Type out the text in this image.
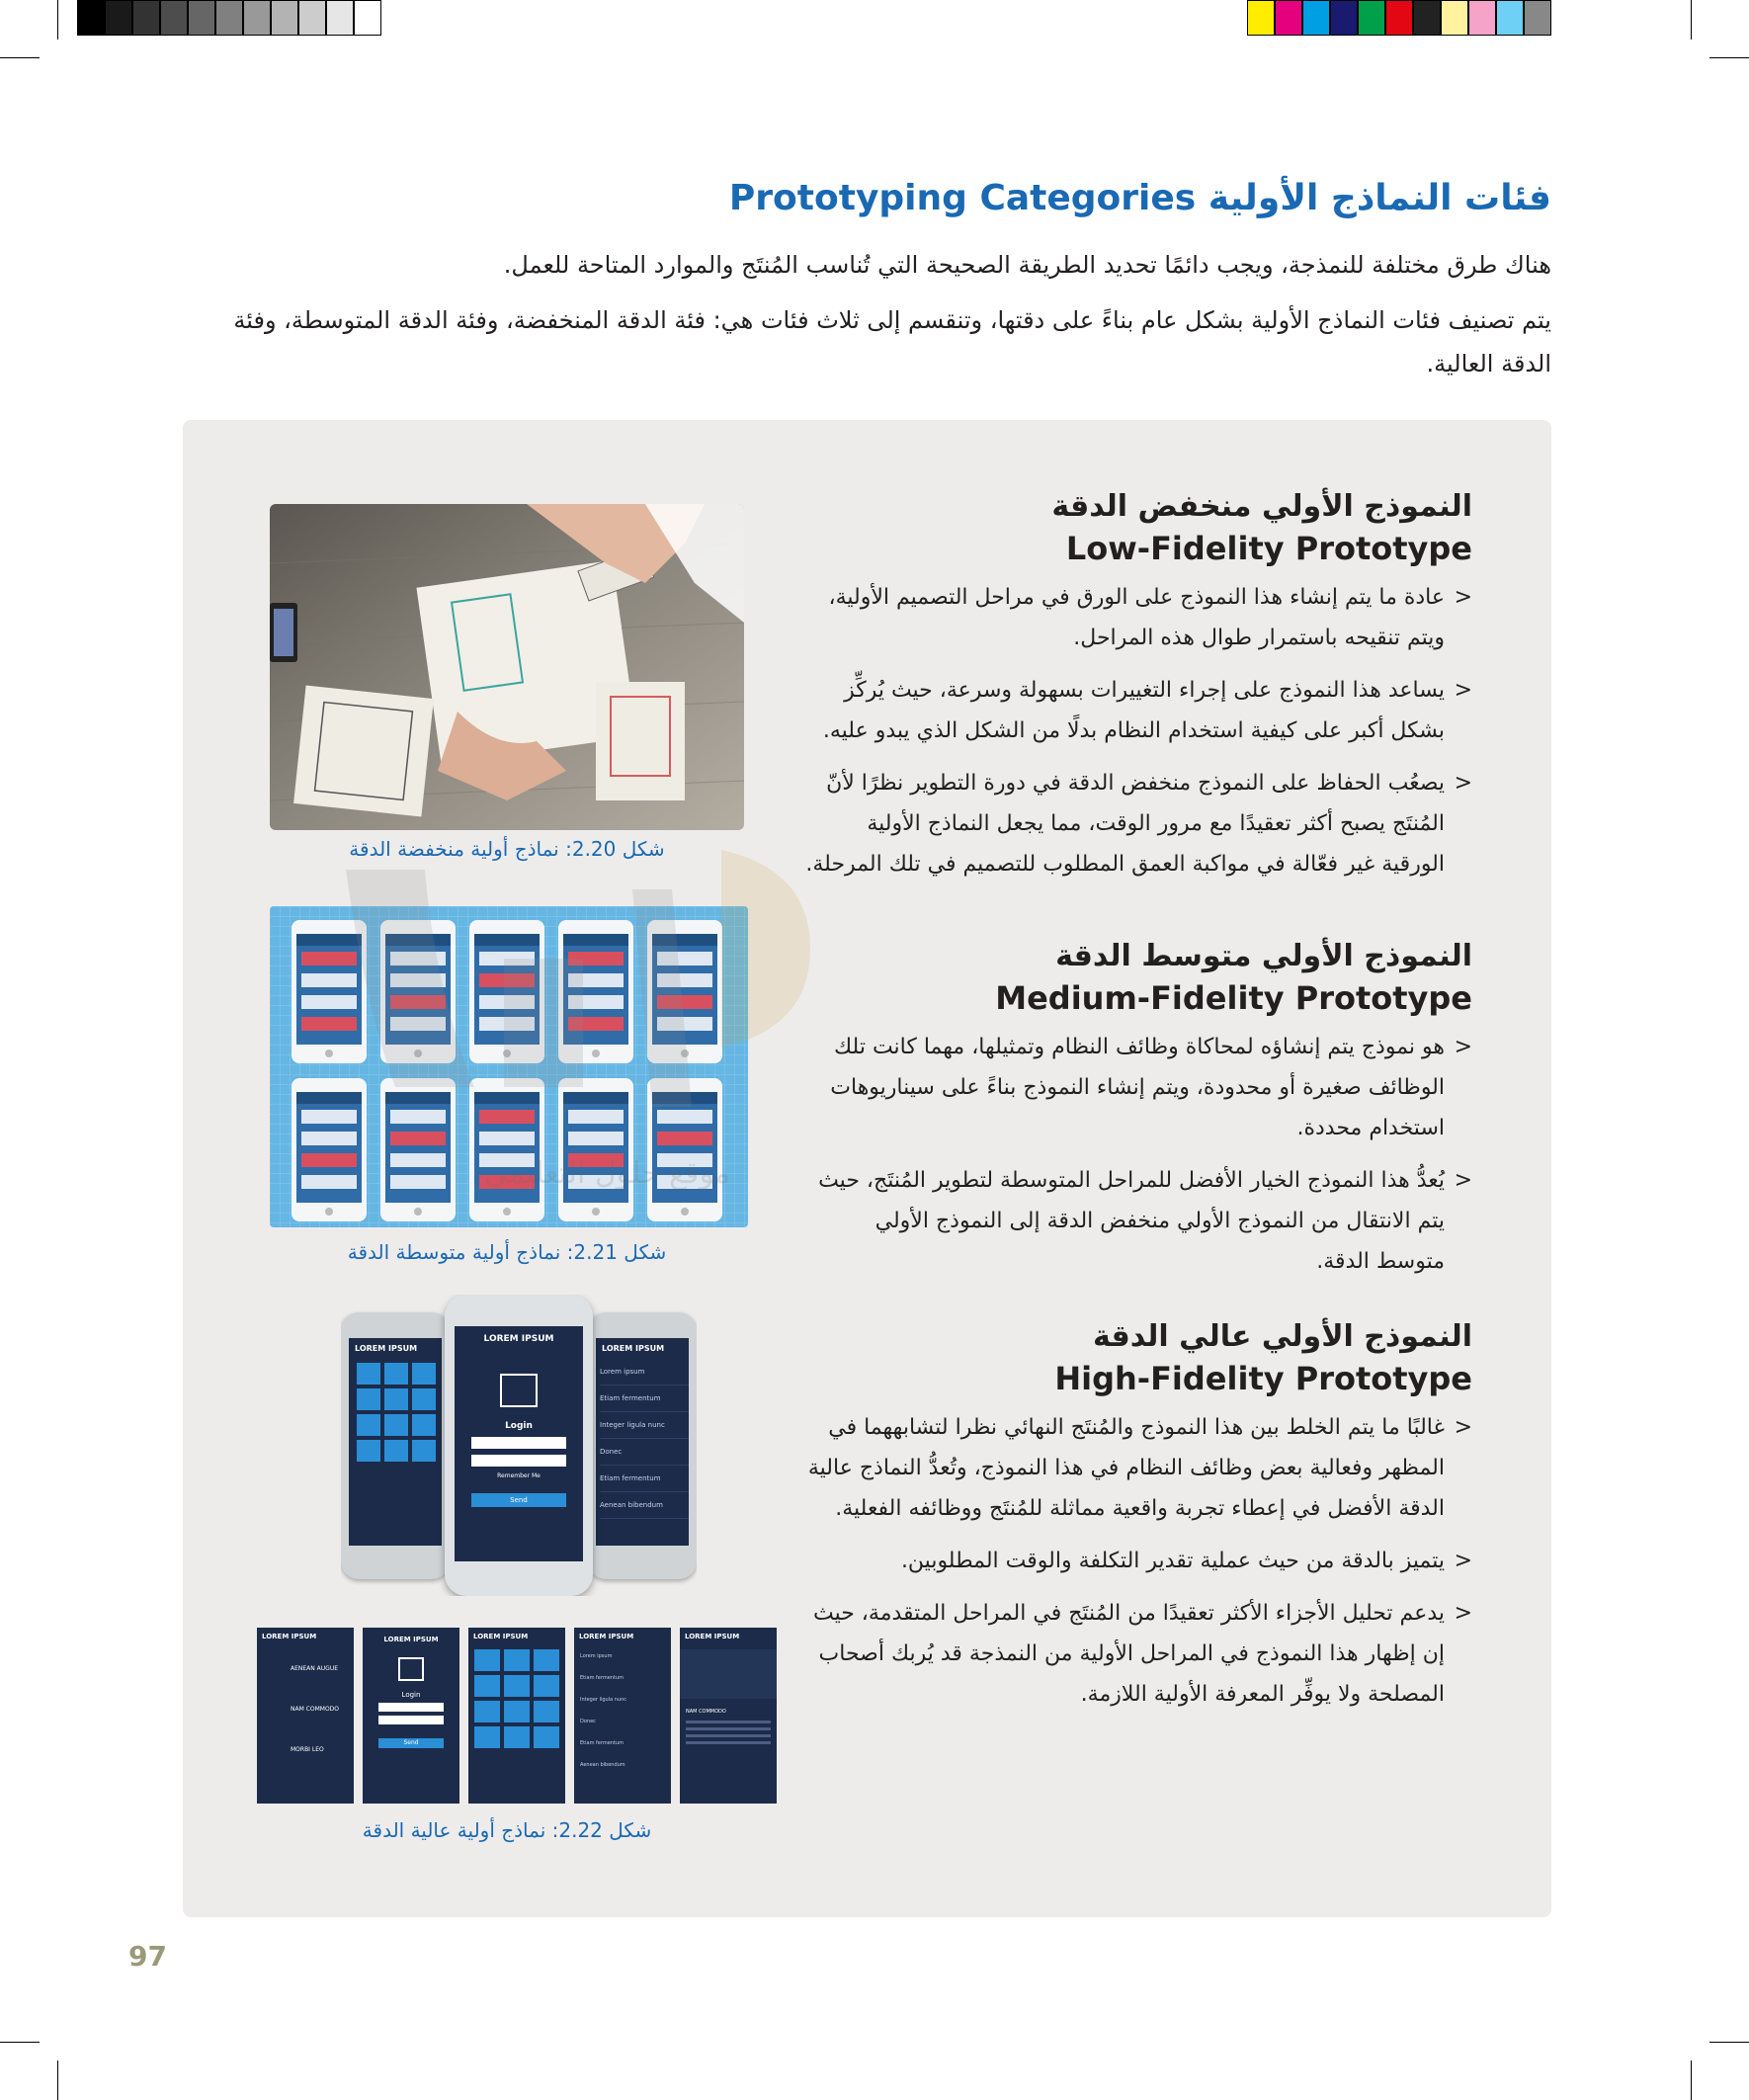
فئات النماذج الأولية Prototyping Categories
هناك طرق مختلفة للنمذجة، ويجب دائمًا تحديد الطريقة الصحيحة التي تُناسب المُنتَج والموارد المتاحة للعمل.
يتم تصنيف فئات النماذج الأولية بشكل عام بناءً على دقتها، وتنقسم إلى ثلاث فئات هي: فئة الدقة المنخفضة، وفئة الدقة المتوسطة، وفئة الدقة العالية.

النموذج الأولي منخفض الدقة

Low-Fidelity Prototype

< عادة ما يتم إنشاء هذا النموذج على الورق في مراحل التصميم الأولية، ويتم تنقيحه باستمرار طوال هذه المراحل.
< يساعد هذا النموذج على إجراء التغييرات بسهولة وسرعة، حيث يُركِّز بشكل أكبر على كيفية استخدام النظام بدلًا من الشكل الذي يبدو عليه.
< يصعُب الحفاظ على النموذج منخفض الدقة في دورة التطوير نظرًا لأنّ المُنتَج يصبح أكثر تعقيدًا مع مرور الوقت، مما يجعل النماذج الأولية الورقية غير فعّالة في مواكبة العمق المطلوب للتصميم في تلك المرحلة.

النموذج الأولي متوسط الدقة

Medium-Fidelity Prototype

< هو نموذج يتم إنشاؤه لمحاكاة وظائف النظام وتمثيلها، مهما كانت تلك الوظائف صغيرة أو محدودة، ويتم إنشاء النموذج بناءً على سيناريوهات استخدام محددة.
< يُعدُّ هذا النموذج الخيار الأفضل للمراحل المتوسطة لتطوير المُنتَج، حيث يتم الانتقال من النموذج الأولي منخفض الدقة إلى النموذج الأولي متوسط الدقة.

النموذج الأولي عالي الدقة

High-Fidelity Prototype

< غالبًا ما يتم الخلط بين هذا النموذج والمُنتَج النهائي نظرا لتشابههما في المظهر وفعالية بعض وظائف النظام في هذا النموذج، وتُعدُّ النماذج عالية الدقة الأفضل في إعطاء تجربة واقعية مماثلة للمُنتَج ووظائفه الفعلية.
< يتميز بالدقة من حيث عملية تقدير التكلفة والوقت المطلوبين.
< يدعم تحليل الأجزاء الأكثر تعقيدًا من المُنتَج في المراحل المتقدمة، حيث إن إظهار هذا النموذج في المراحل الأولية من النمذجة قد يُربك أصحاب المصلحة ولا يوفِّر المعرفة الأولية اللازمة.
شكل 2.20: نماذج أولية منخفضة الدقة
شكل 2.21: نماذج أولية متوسطة الدقة
LOREM IPSUM	LOREM IPSUM
Lorem ipsum
Etiam fermentum
Integer ligula nunc
Donec
Etiam fermentum
Aenean bibendum
LOREM IPSUM
Login
Remember Me
Send
LOREM IPSUM
AENEAN AUGUE
NAM COMMODO
MORBI LEO
LOREM IPSUM
Login
Send
LOREM IPSUM	LOREM IPSUM
Lorem ipsum
Etiam fermentum
Integer ligula nunc
Donec
Etiam fermentum
Aenean bibendum
LOREM IPSUM
NAM COMMODO
شكل 2.22: نماذج أولية عالية الدقة
97
